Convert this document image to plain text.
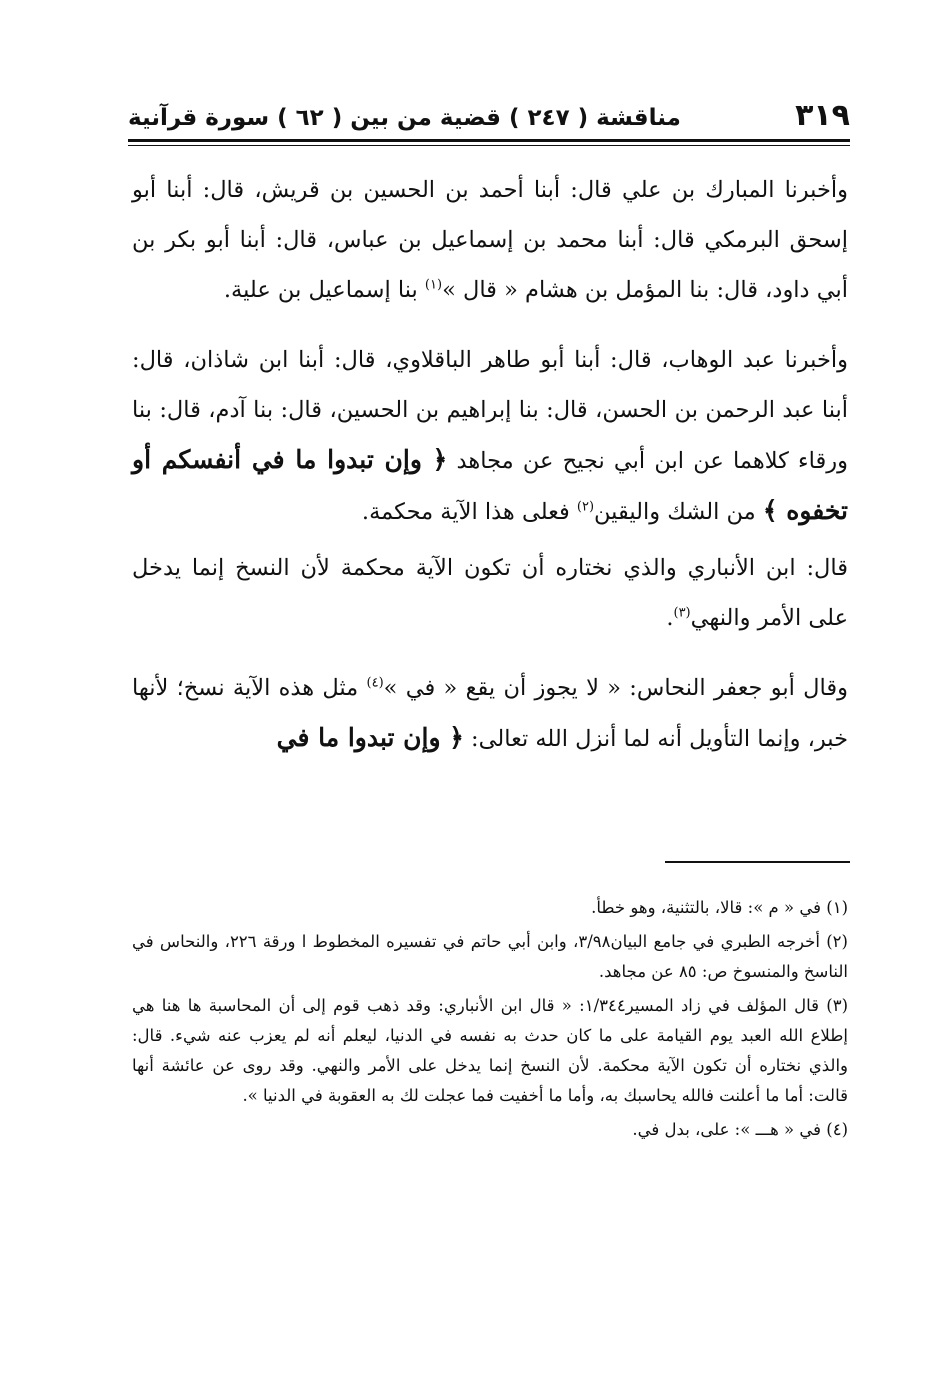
٣١٩
مناقشة ( ٢٤٧ ) قضية من بين ( ٦٢ ) سورة قرآنية

وأخبرنا المبارك بن علي قال: أبنا أحمد بن الحسين بن قريش، قال: أبنا أبو إسحق البرمكي قال: أبنا محمد بن إسماعيل بن عباس، قال: أبنا أبو بكر بن أبي داود، قال: بنا المؤمل بن هشام « قال »$^{(١)}$ بنا إسماعيل بن علية.

وأخبرنا عبد الوهاب، قال: أبنا أبو طاهر الباقلاوي، قال: أبنا ابن شاذان، قال: أبنا عبد الرحمن بن الحسن، قال: بنا إبراهيم بن الحسين، قال: بنا آدم، قال: بنا ورقاء كلاهما عن ابن أبي نجيح عن مجاهد ﴿ وإن تبدوا ما في أنفسكم أو تخفوه ﴾ من الشك واليقين$^{(٢)}$ فعلى هذا الآية محكمة.

قال: ابن الأنباري والذي نختاره أن تكون الآية محكمة لأن النسخ إنما يدخل على الأمر والنهي$^{(٣)}$.

وقال أبو جعفر النحاس: « لا يجوز أن يقع « في »$^{(٤)}$ مثل هذه الآية نسخ؛ لأنها خبر، وإنما التأويل أنه لما أنزل الله تعالى: ﴿ وإن تبدوا ما في

(١) في « م »: قالا، بالتثنية، وهو خطأ.

(٢) أخرجه الطبري في جامع البيان٣/٩٨، وابن أبي حاتم في تفسيره المخطوط ا ورقة ٢٢٦، والنحاس في الناسخ والمنسوخ ص: ٨٥ عن مجاهد.

(٣) قال المؤلف في زاد المسير١/٣٤٤: « قال ابن الأنباري: وقد ذهب قوم إلى أن المحاسبة ها هنا هي إطلاع الله العبد يوم القيامة على ما كان حدث به نفسه في الدنيا، ليعلم أنه لم يعزب عنه شيء. قال: والذي نختاره أن تكون الآية محكمة. لأن النسخ إنما يدخل على الأمر والنهي. وقد روى عن عائشة أنها قالت: أما ما أعلنت فالله يحاسبك به، وأما ما أخفيت فما عجلت لك به العقوبة في الدنيا ».

(٤) في « هـــ »: على، بدل في.
